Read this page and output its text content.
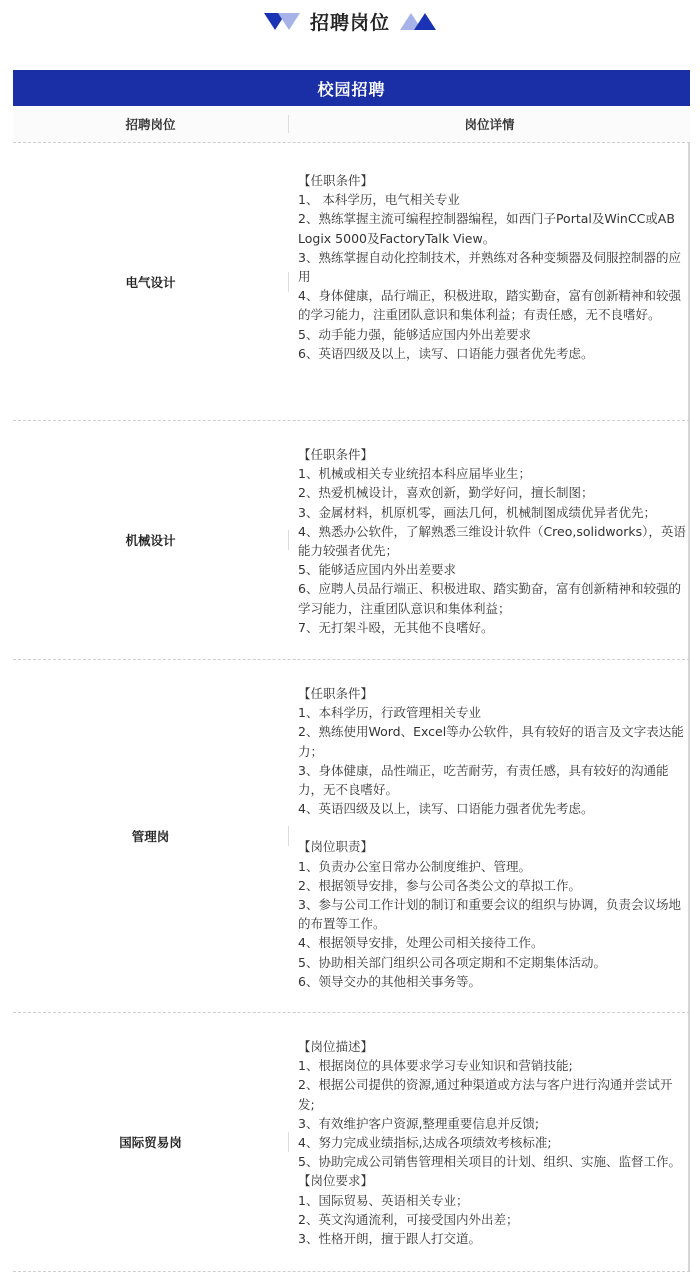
招聘岗位
校园招聘
招聘岗位	岗位详情
电气设计
【任职条件】
1、 本科学历，电气相关专业
2、熟练掌握主流可编程控制器编程，如西门子Portal及WinCC或AB Logix 5000及FactoryTalk View。
3、熟练掌握自动化控制技术，并熟练对各种变频器及伺服控制器的应用
4、身体健康，品行端正，积极进取，踏实勤奋，富有创新精神和较强的学习能力，注重团队意识和集体利益；有责任感，无不良嗜好。
5、动手能力强，能够适应国内外出差要求
6、英语四级及以上，读写、口语能力强者优先考虑。
机械设计
【任职条件】
1、机械或相关专业统招本科应届毕业生；
2、热爱机械设计，喜欢创新，勤学好问，擅长制图；
3、金属材料，机原机零，画法几何，机械制图成绩优异者优先；
4、熟悉办公软件，了解熟悉三维设计软件（Creo,solidworks），英语能力较强者优先；
5、能够适应国内外出差要求
6、应聘人员品行端正、积极进取、踏实勤奋，富有创新精神和较强的学习能力，注重团队意识和集体利益；
7、无打架斗殴，无其他不良嗜好。
管理岗
【任职条件】
1、本科学历，行政管理相关专业
2、熟练使用Word、Excel等办公软件，具有较好的语言及文字表达能力；
3、身体健康，品性端正，吃苦耐劳，有责任感，具有较好的沟通能力，无不良嗜好。
4、英语四级及以上，读写、口语能力强者优先考虑。
【岗位职责】
1、负责办公室日常办公制度维护、管理。
2、根据领导安排，参与公司各类公文的草拟工作。
3、参与公司工作计划的制订和重要会议的组织与协调，负责会议场地的布置等工作。
4、根据领导安排，处理公司相关接待工作。
5、协助相关部门组织公司各项定期和不定期集体活动。
6、领导交办的其他相关事务等。
国际贸易岗
【岗位描述】
1、根据岗位的具体要求学习专业知识和营销技能;
2、根据公司提供的资源,通过种渠道或方法与客户进行沟通并尝试开发;
3、有效维护客户资源,整理重要信息并反馈;
4、努力完成业绩指标,达成各项绩效考核标准;
5、协助完成公司销售管理相关项目的计划、组织、实施、监督工作。
【岗位要求】
1、国际贸易、英语相关专业；
2、英文沟通流利，可接受国内外出差；
3、性格开朗，擅于跟人打交道。
